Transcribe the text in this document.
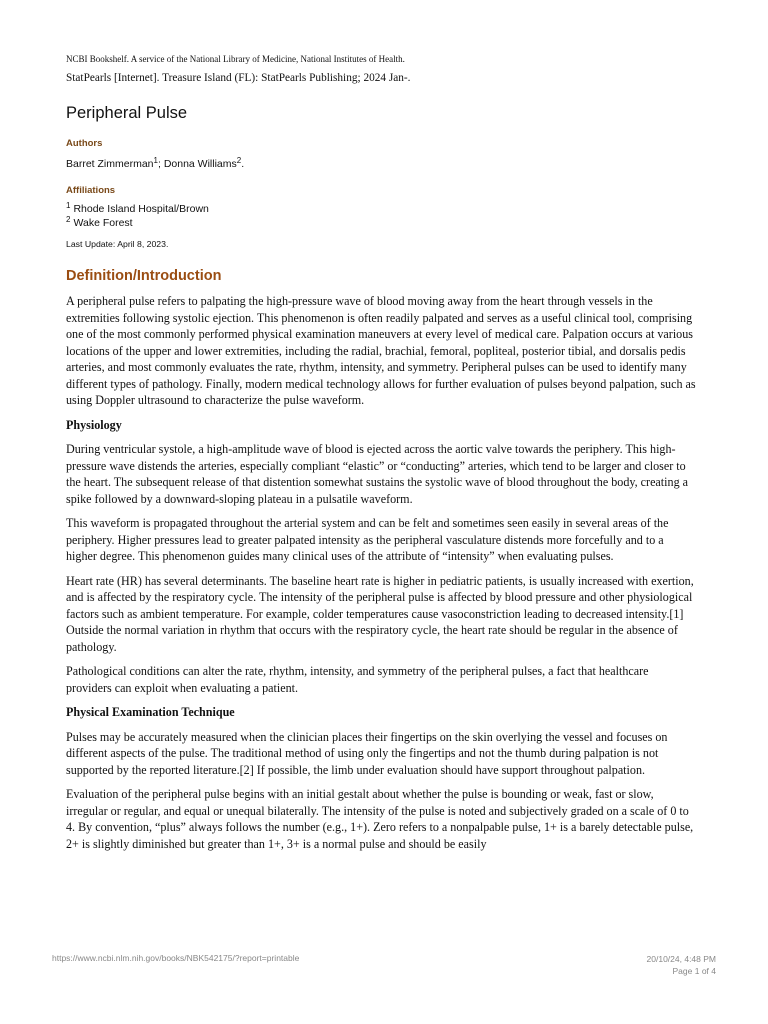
NCBI Bookshelf. A service of the National Library of Medicine, National Institutes of Health.

StatPearls [Internet]. Treasure Island (FL): StatPearls Publishing; 2024 Jan-.

Peripheral Pulse

Authors

Barret Zimmerman$^1$; Donna Williams$^2$.

Affiliations

$^1$ Rhode Island Hospital/Brown

$^2$ Wake Forest

Last Update: April 8, 2023.

Definition/Introduction

A peripheral pulse refers to palpating the high-pressure wave of blood moving away from the heart through vessels in the extremities following systolic ejection. This phenomenon is often readily palpated and serves as a useful clinical tool, comprising one of the most commonly performed physical examination maneuvers at every level of medical care. Palpation occurs at various locations of the upper and lower extremities, including the radial, brachial, femoral, popliteal, posterior tibial, and dorsalis pedis arteries, and most commonly evaluates the rate, rhythm, intensity, and symmetry. Peripheral pulses can be used to identify many different types of pathology. Finally, modern medical technology allows for further evaluation of pulses beyond palpation, such as using Doppler ultrasound to characterize the pulse waveform.

Physiology

During ventricular systole, a high-amplitude wave of blood is ejected across the aortic valve towards the periphery. This high-pressure wave distends the arteries, especially compliant “elastic” or “conducting” arteries, which tend to be larger and closer to the heart. The subsequent release of that distention somewhat sustains the systolic wave of blood throughout the body, creating a spike followed by a downward-sloping plateau in a pulsatile waveform.

This waveform is propagated throughout the arterial system and can be felt and sometimes seen easily in several areas of the periphery. Higher pressures lead to greater palpated intensity as the peripheral vasculature distends more forcefully and to a higher degree. This phenomenon guides many clinical uses of the attribute of “intensity” when evaluating pulses.

Heart rate (HR) has several determinants. The baseline heart rate is higher in pediatric patients, is usually increased with exertion, and is affected by the respiratory cycle. The intensity of the peripheral pulse is affected by blood pressure and other physiological factors such as ambient temperature. For example, colder temperatures cause vasoconstriction leading to decreased intensity.[1] Outside the normal variation in rhythm that occurs with the respiratory cycle, the heart rate should be regular in the absence of pathology.

Pathological conditions can alter the rate, rhythm, intensity, and symmetry of the peripheral pulses, a fact that healthcare providers can exploit when evaluating a patient.

Physical Examination Technique

Pulses may be accurately measured when the clinician places their fingertips on the skin overlying the vessel and focuses on different aspects of the pulse. The traditional method of using only the fingertips and not the thumb during palpation is not supported by the reported literature.[2] If possible, the limb under evaluation should have support throughout palpation.

Evaluation of the peripheral pulse begins with an initial gestalt about whether the pulse is bounding or weak, fast or slow, irregular or regular, and equal or unequal bilaterally. The intensity of the pulse is noted and subjectively graded on a scale of 0 to 4. By convention, “plus” always follows the number (e.g., 1+). Zero refers to a nonpalpable pulse, 1+ is a barely detectable pulse, 2+ is slightly diminished but greater than 1+, 3+ is a normal pulse and should be easily

https://www.ncbi.nlm.nih.gov/books/NBK542175/?report=printable	20/10/24, 4:48 PM
Page 1 of 4
